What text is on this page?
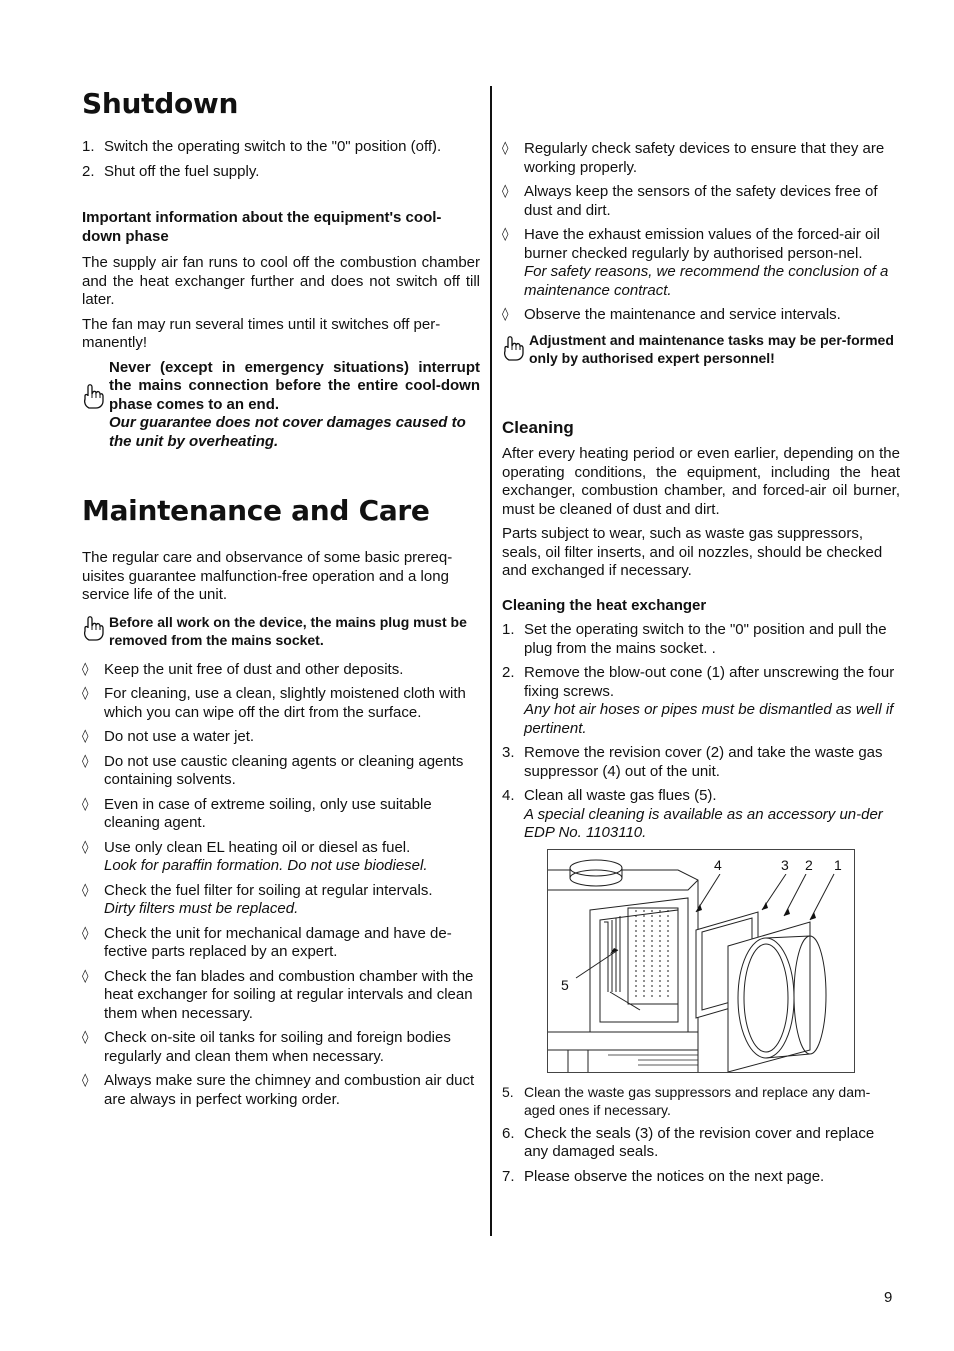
Shutdown
1. Switch the operating switch to the "0" position (off).
2. Shut off the fuel supply.

Important information about the equipment's cool-down phase

The supply air fan runs to cool off the combustion chamber and the heat exchanger further and does not switch off till later.

The fan may run several times until it switches off per-manently!

Never (except in emergency situations) interrupt the mains connection before the entire cool-down phase comes to an end.

Our guarantee does not cover damages caused to the unit by overheating.

Maintenance and Care

The regular care and observance of some basic prereq-uisites guarantee malfunction-free operation and a long service life of the unit.

Before all work on the device, the mains plug must be removed from the mains socket.

◊ Keep the unit free of dust and other deposits.
◊ For cleaning, use a clean, slightly moistened cloth with which you can wipe off the dirt from the surface.
◊ Do not use a water jet.
◊ Do not use caustic cleaning agents or cleaning agents containing solvents.
◊ Even in case of extreme soiling, only use suitable cleaning agent.
◊ Use only clean EL heating oil or diesel as fuel.
Look for paraffin formation. Do not use biodiesel.
◊ Check the fuel filter for soiling at regular intervals.
Dirty filters must be replaced.
◊ Check the unit for mechanical damage and have de-fective parts replaced by an expert.
◊ Check the fan blades and combustion chamber with the heat exchanger for soiling at regular intervals and clean them when necessary.
◊ Check on-site oil tanks for soiling and foreign bodies regularly and clean them when necessary.
◊ Always make sure the chimney and combustion air duct are always in perfect working order.
◊ Regularly check safety devices to ensure that they are working properly.
◊ Always keep the sensors of the safety devices free of dust and dirt.
◊ Have the exhaust emission values of the forced-air oil burner checked regularly by authorised person-nel.
For safety reasons, we recommend the conclusion of a maintenance contract.
◊ Observe the maintenance and service intervals.

Adjustment and maintenance tasks may be per-formed only by authorised expert personnel!

Cleaning

After every heating period or even earlier, depending on the operating conditions, the equipment, including the heat exchanger, combustion chamber, and forced-air oil burner, must be cleaned of dust and dirt.

Parts subject to wear, such as waste gas suppressors, seals, oil filter inserts, and oil nozzles, should be checked and exchanged if necessary.

Cleaning the heat exchanger

1. Set the operating switch to the "0" position and pull the plug from the mains socket. .
2. Remove the blow-out cone (1) after unscrewing the four fixing screws.
Any hot air hoses or pipes must be dismantled as well if pertinent.
3. Remove the revision cover (2) and take the waste gas suppressor (4) out of the unit.
4. Clean all waste gas flues (5).
A special cleaning is available as an accessory un-der EDP No. 1103110.
4	3 2 1
5
5. Clean the waste gas suppressors and replace any dam-aged ones if necessary.
6. Check the seals (3) of the revision cover and replace any damaged seals.
7. Please observe the notices on the next page.
9
